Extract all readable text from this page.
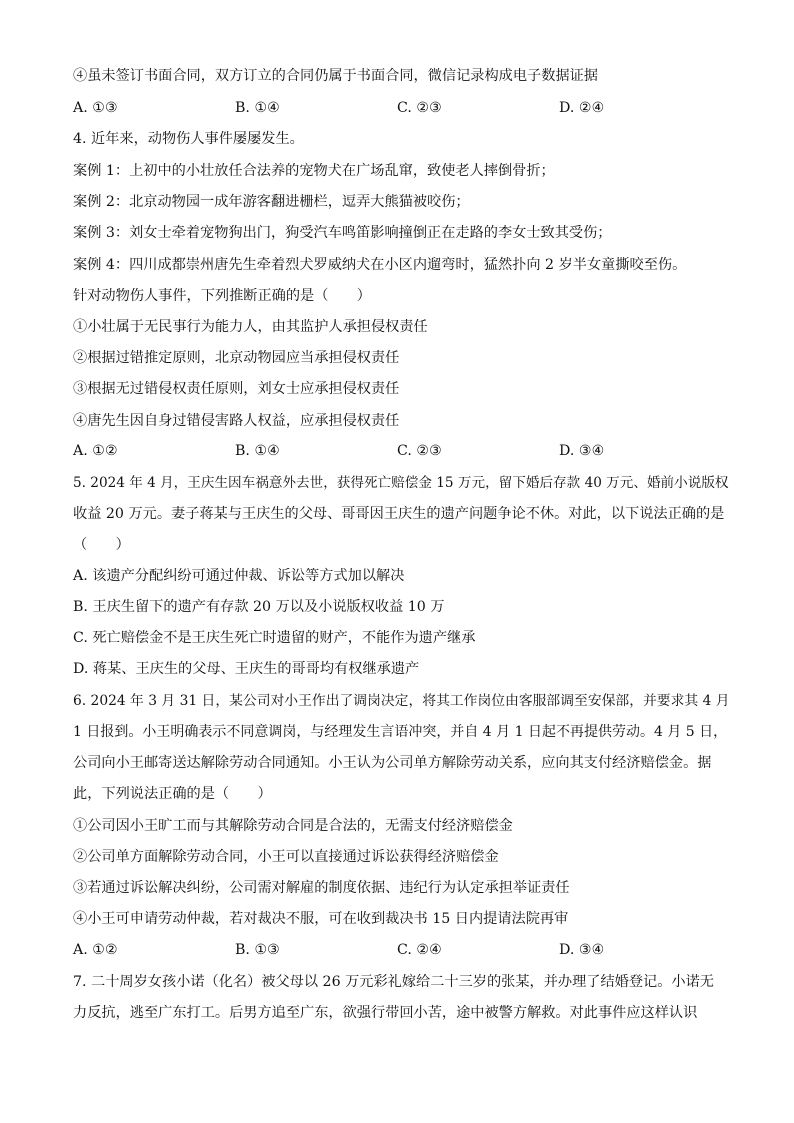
④虽未签订书面合同，双方订立的合同仍属于书面合同，微信记录构成电子数据证据
A. ①③	B. ①④	C. ②③	D. ②④
4. 近年来，动物伤人事件屡屡发生。
案例 1：上初中的小壮放任合法养的宠物犬在广场乱窜，致使老人摔倒骨折；
案例 2：北京动物园一成年游客翻进栅栏，逗弄大熊猫被咬伤；
案例 3：刘女士牵着宠物狗出门，狗受汽车鸣笛影响撞倒正在走路的李女士致其受伤；
案例 4：四川成都崇州唐先生牵着烈犬罗威纳犬在小区内遛弯时，猛然扑向 2 岁半女童撕咬至伤。
针对动物伤人事件，下列推断正确的是（　　）
①小壮属于无民事行为能力人，由其监护人承担侵权责任
②根据过错推定原则，北京动物园应当承担侵权责任
③根据无过错侵权责任原则，刘女士应承担侵权责任
④唐先生因自身过错侵害路人权益，应承担侵权责任
A. ①②	B. ①④	C. ②③	D. ③④
5. 2024 年 4 月，王庆生因车祸意外去世，获得死亡赔偿金 15 万元，留下婚后存款 40 万元、婚前小说版权
收益 20 万元。妻子蒋某与王庆生的父母、哥哥因王庆生的遗产问题争论不休。对此，以下说法正确的是
（　　）
A. 该遗产分配纠纷可通过仲裁、诉讼等方式加以解决
B. 王庆生留下的遗产有存款 20 万以及小说版权收益 10 万
C. 死亡赔偿金不是王庆生死亡时遗留的财产，不能作为遗产继承
D. 蒋某、王庆生的父母、王庆生的哥哥均有权继承遗产
6. 2024 年 3 月 31 日，某公司对小王作出了调岗决定，将其工作岗位由客服部调至安保部，并要求其 4 月
1 日报到。小王明确表示不同意调岗，与经理发生言语冲突，并自 4 月 1 日起不再提供劳动。4 月 5 日，
公司向小王邮寄送达解除劳动合同通知。小王认为公司单方解除劳动关系，应向其支付经济赔偿金。据
此，下列说法正确的是（　　）
①公司因小王旷工而与其解除劳动合同是合法的，无需支付经济赔偿金
②公司单方面解除劳动合同，小王可以直接通过诉讼获得经济赔偿金
③若通过诉讼解决纠纷，公司需对解雇的制度依据、违纪行为认定承担举证责任
④小王可申请劳动仲裁，若对裁决不服，可在收到裁决书 15 日内提请法院再审
A. ①②	B. ①③	C. ②④	D. ③④
7. 二十周岁女孩小诺（化名）被父母以 26 万元彩礼嫁给二十三岁的张某，并办理了结婚登记。小诺无
力反抗，逃至广东打工。后男方追至广东，欲强行带回小苦，途中被警方解救。对此事件应这样认识
